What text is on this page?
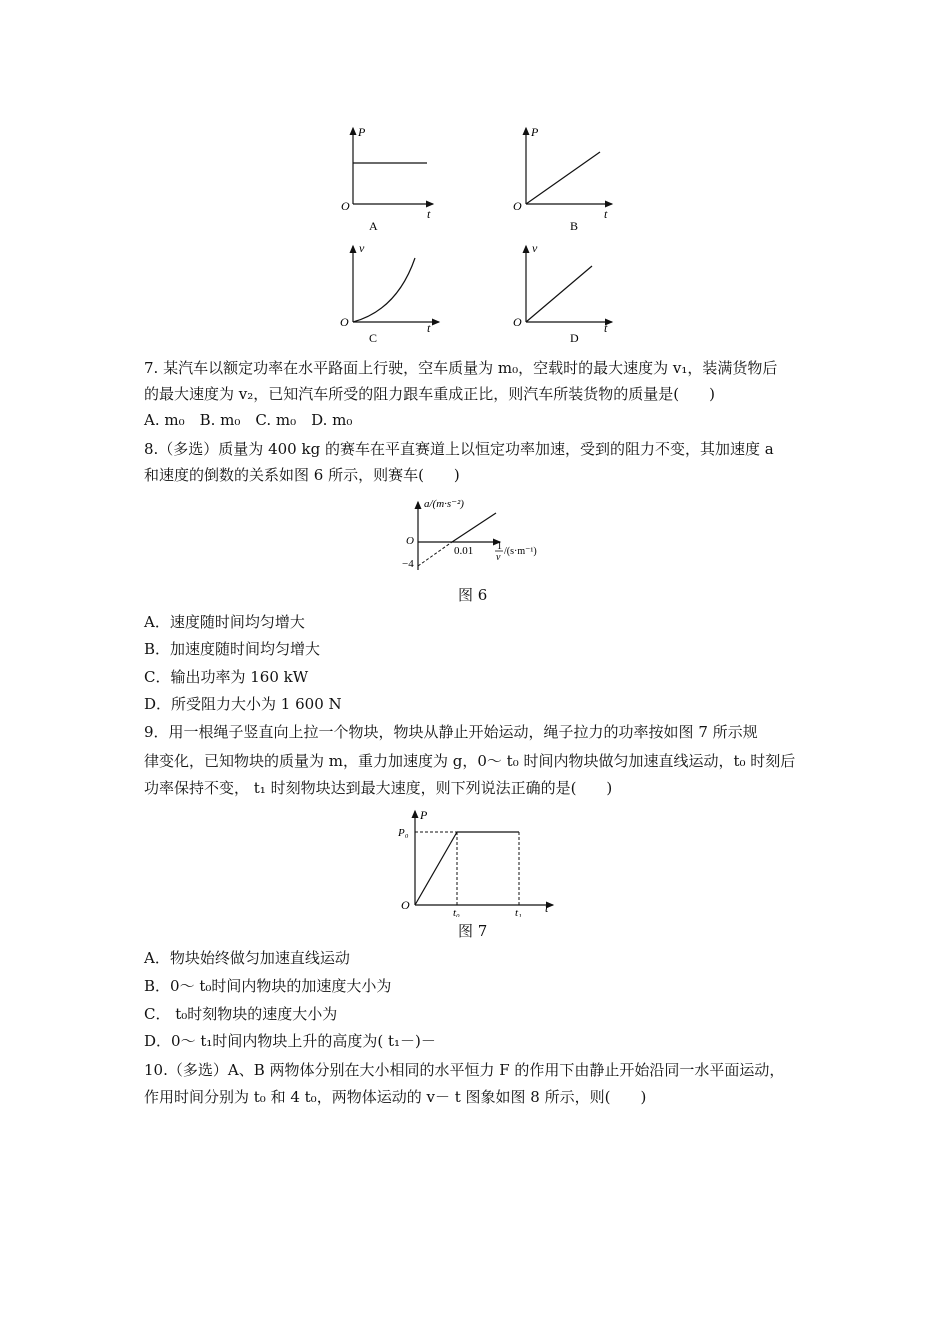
P
O
t
A
P
O
t
B
v
O	t
C
v
O	t
D
7. 某汽车以额定功率在水平路面上行驶，空车质量为 m₀，空载时的最大速度为 v₁，装满货物后
的最大速度为 v₂，已知汽车所受的阻力跟车重成正比，则汽车所装货物的质量是(　　)
A. m₀　B. m₀　C. m₀　D. m₀
8.（多选）质量为 400 kg 的赛车在平直赛道上以恒定功率加速，受到的阻力不变，其加速度 a
和速度的倒数的关系如图 6 所示，则赛车(　　)
a/(m·s⁻²)
O
0.01
−4
1
v
/(s·m⁻¹)
图 6
A．速度随时间均匀增大
B．加速度随时间均匀增大
C．输出功率为 160 kW
D．所受阻力大小为 1 600 N
9．用一根绳子竖直向上拉一个物块，物块从静止开始运动，绳子拉力的功率按如图 7 所示规
律变化，已知物块的质量为 m，重力加速度为 g，0～ t₀ 时间内物块做匀加速直线运动，t₀ 时刻后
功率保持不变， t₁ 时刻物块达到最大速度，则下列说法正确的是(　　)
P
P₀
O
t₀	t₁ t
图 7
A．物块始终做匀加速直线运动
B．0～ t₀时间内物块的加速度大小为
C． t₀时刻物块的速度大小为
D．0～ t₁时间内物块上升的高度为( t₁－)－
10.（多选）A、B 两物体分别在大小相同的水平恒力 F 的作用下由静止开始沿同一水平面运动，
作用时间分别为 t₀ 和 4 t₀，两物体运动的 v－ t 图象如图 8 所示，则(　　)
